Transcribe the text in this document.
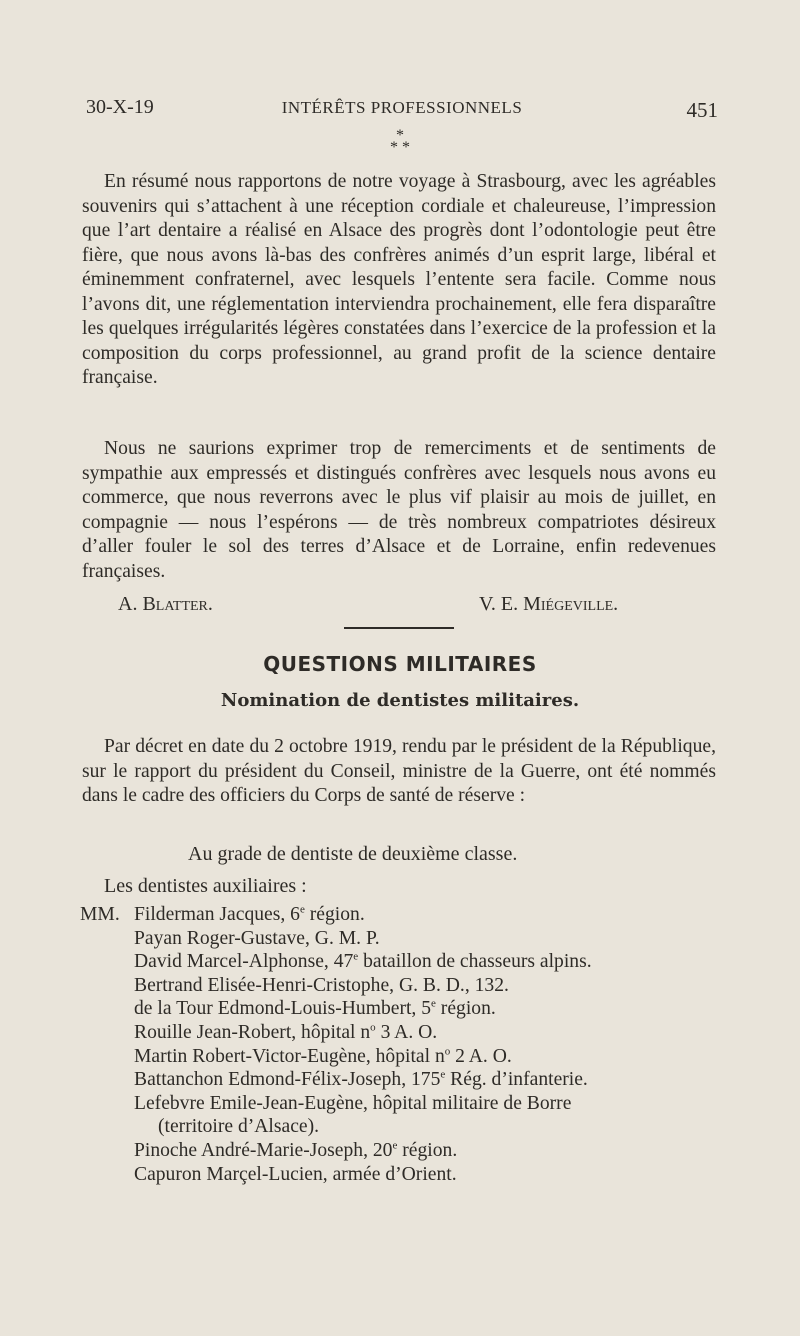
30-X-19	INTÉRÊTS PROFESSIONNELS	451
*
* *

En résumé nous rapportons de notre voyage à Strasbourg, avec les agréables souvenirs qui s’attachent à une réception cordiale et chaleureuse, l’impression que l’art dentaire a réalisé en Alsace des progrès dont l’odontologie peut être fière, que nous avons là-bas des confrères animés d’un esprit large, libéral et éminemment confraternel, avec lesquels l’entente sera facile. Comme nous l’avons dit, une réglementation interviendra prochainement, elle fera disparaître les quelques irrégularités légères constatées dans l’exercice de la profession et la composition du corps professionnel, au grand profit de la science dentaire française.

Nous ne saurions exprimer trop de remerciments et de sentiments de sympathie aux empressés et distingués confrères avec lesquels nous avons eu commerce, que nous reverrons avec le plus vif plaisir au mois de juillet, en compagnie — nous l’espérons — de très nombreux compatriotes désireux d’aller fouler le sol des terres d’Alsace et de Lorraine, enfin redevenues françaises.

A. Blatter.	V. E. Miégeville.
QUESTIONS MILITAIRES
Nomination de dentistes militaires.

Par décret en date du 2 octobre 1919, rendu par le président de la République, sur le rapport du président du Conseil, ministre de la Guerre, ont été nommés dans le cadre des officiers du Corps de santé de réserve :

Au grade de dentiste de deuxième classe.
Les dentistes auxiliaires :
MM. Filderman Jacques, 6e région.
Payan Roger-Gustave, G. M. P.
David Marcel-Alphonse, 47e bataillon de chasseurs alpins.
Bertrand Elisée-Henri-Cristophe, G. B. D., 132.
de la Tour Edmond-Louis-Humbert, 5e région.
Rouille Jean-Robert, hôpital $n^o$ 3 A. O.
Martin Robert-Victor-Eugène, hôpital $n^o$ 2 A. O.
Battanchon Edmond-Félix-Joseph, 175e Rég. d’infanterie.
Lefebvre Emile-Jean-Eugène, hôpital militaire de Borre
(territoire d’Alsace).
Pinoche André-Marie-Joseph, 20e région.
Capuron Marçel-Lucien, armée d’Orient.
